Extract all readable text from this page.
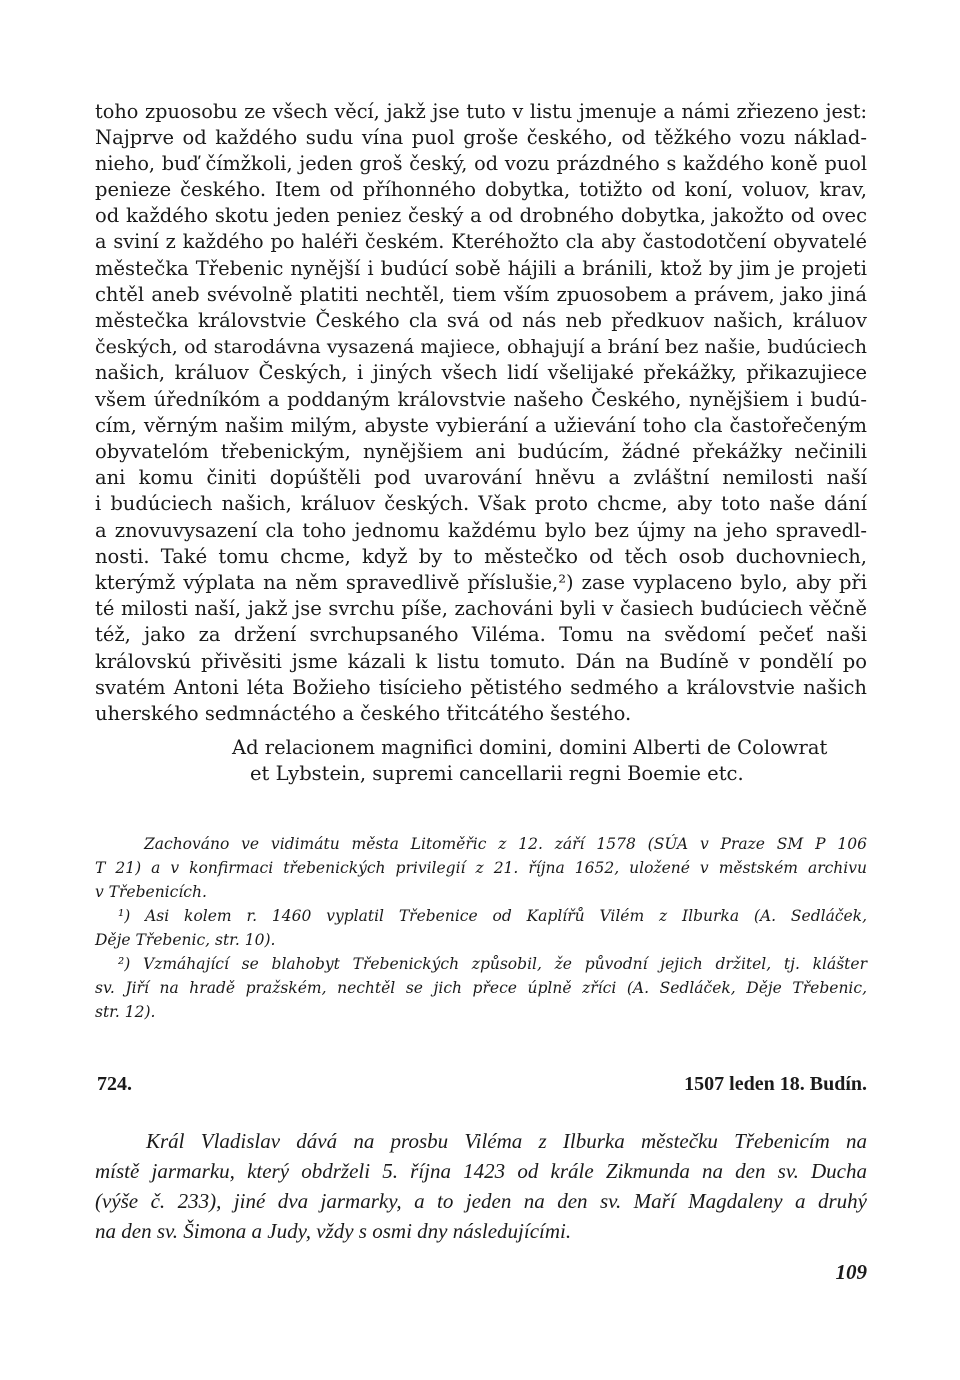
toho zpuosobu ze všech věcí, jakž jse tuto v listu jmenuje a námi zřiezeno jest:
Najprve od každého sudu vína puol groše českého, od těžkého vozu náklad-
nieho, buď čímžkoli, jeden groš český, od vozu prázdného s každého koně puol
penieze českého. Item od příhonného dobytka, totižto od koní, voluov, krav,
od každého skotu jeden peniez český a od drobného dobytka, jakožto od ovec
a sviní z každého po haléři českém. Kteréhožto cla aby častodotčení obyvatelé
městečka Třebenic nynější i budúcí sobě hájili a bránili, ktož by jim je projeti
chtěl aneb svévolně platiti nechtěl, tiem vším zpuosobem a právem, jako jiná
městečka královstvie Českého cla svá od nás neb předkuov našich, králuov
českých, od starodávna vysazená majiece, obhajují a brání bez našie, budúciech
našich, králuov Českých, i jiných všech lidí všelijaké překážky, přikazujiece
všem úředníkóm a poddaným královstvie našeho Českého, nynějšiem i budú-
cím, věrným našim milým, abyste vybierání a užievání toho cla častořečeným
obyvatelóm třebenickým, nynějšiem ani budúcím, žádné překážky nečinili
ani komu činiti dopúštěli pod uvarování hněvu a zvláštní nemilosti naší
i budúciech našich, králuov českých. Však proto chcme, aby toto naše dání
a znovuvysazení cla toho jednomu každému bylo bez újmy na jeho spravedl-
nosti. Také tomu chcme, když by to městečko od těch osob duchovniech,
kterýmž výplata na něm spravedlivě příslušie,²) zase vyplaceno bylo, aby při
té milosti naší, jakž jse svrchu píše, zachováni byli v časiech budúciech věčně
též, jako za držení svrchupsaného Viléma. Tomu na svědomí pečeť naši
královskú přivěsiti jsme kázali k listu tomuto. Dán na Budíně v pondělí po
svatém Antoni léta Božieho tisícieho pětistého sedmého a královstvie našich
uherského sedmnáctého a českého třitcátého šestého.
Ad relacionem magnifici domini, domini Alberti de Colowrat
et Lybstein, supremi cancellarii regni Boemie etc.
Zachováno ve vidimátu města Litoměřic z 12. září 1578 (SÚA v Praze SM P 106
T 21) a v konfirmaci třebenických privilegií z 21. října 1652, uložené v městském archivu
v Třebenicích.
¹) Asi kolem r. 1460 vyplatil Třebenice od Kaplířů Vilém z Ilburka (A. Sedláček,
Děje Třebenic, str. 10).
²) Vzmáhající se blahobyt Třebenických způsobil, že původní jejich držitel, tj. klášter
sv. Jiří na hradě pražském, nechtěl se jich přece úplně zříci (A. Sedláček, Děje Třebenic,
str. 12).
724.	1507 leden 18. Budín.
Král Vladislav dává na prosbu Viléma z Ilburka městečku Třebenicím na
místě jarmarku, který obdrželi 5. října 1423 od krále Zikmunda na den sv. Ducha
(výše č. 233), jiné dva jarmarky, a to jeden na den sv. Maří Magdaleny a druhý
na den sv. Šimona a Judy, vždy s osmi dny následujícími.
109
